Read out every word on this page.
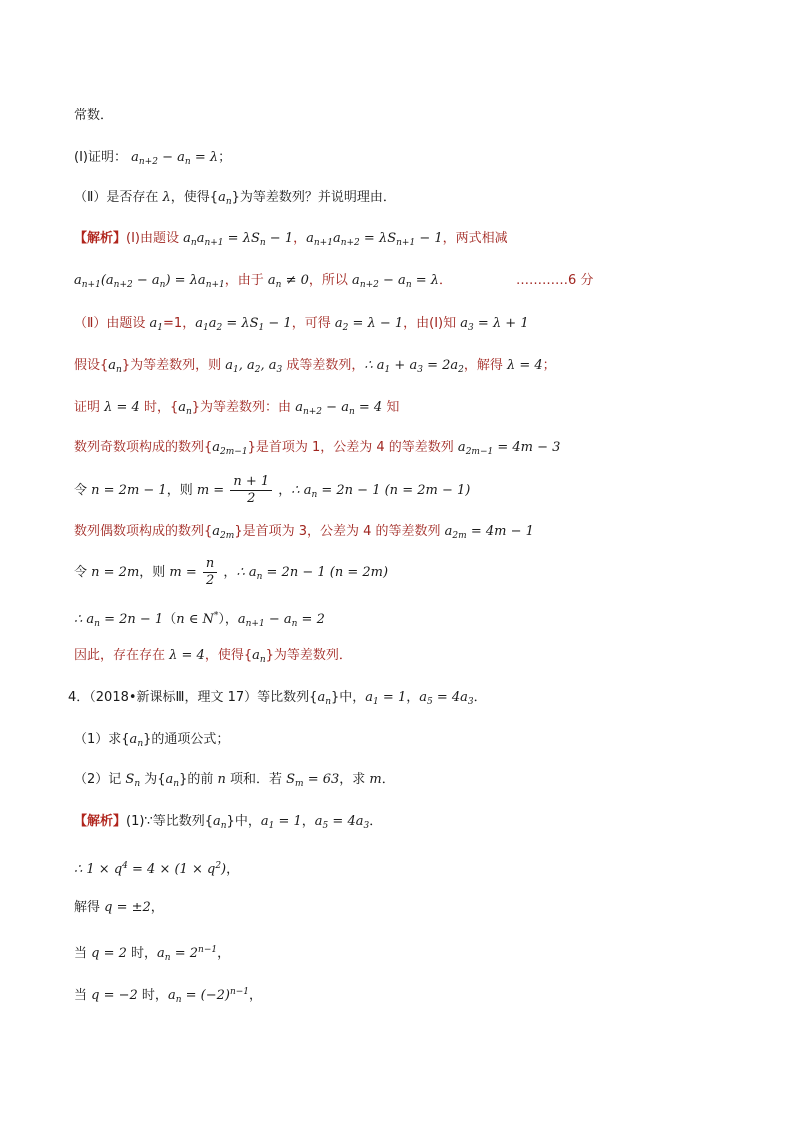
常数．
(I)证明： $a_{n+2} - a_n = \lambda$；
（Ⅱ）是否存在 λ，使得$\{a_n\}$为等差数列？并说明理由．
【解析】(I)由题设 $a_na_{n+1} = \lambda S_n - 1$，$a_{n+1}a_{n+2} = \lambda S_{n+1} - 1$，两式相减
$a_{n+1}(a_{n+2} - a_n) = \lambda a_{n+1}$，由于 $a_n \ne 0$，所以 $a_{n+2} - a_n = \lambda$．	…………6 分
（Ⅱ）由题设 $a_1=1$，$a_1a_2 = \lambda S_1 - 1$，可得 $a_2 = \lambda - 1$，由(Ⅰ)知 $a_3 = \lambda + 1$
假设$\{a_n\}$为等差数列，则 $a_1$, $a_2$, $a_3$ 成等差数列，∴ $a_1 + a_3 = 2a_2$，解得 λ = 4；
证明 λ = 4 时，$\{a_n\}$为等差数列：由 $a_{n+2} - a_n = 4$ 知
数列奇数项构成的数列$\{a_{2m-1}\}$是首项为 1，公差为 4 的等差数列 $a_{2m-1} = 4m - 3$
令 n = 2m − 1，则 $m = \frac{n + 1}{2}$ ，∴ $a_n = 2n - 1$ (n = 2m − 1)
数列偶数项构成的数列$\{a_{2m}\}$是首项为 3，公差为 4 的等差数列 $a_{2m} = 4m - 1$
令 n = 2m，则 $m = \frac{n}{2}$ ，∴ $a_n = 2n - 1$ (n = 2m)
∴ $a_n = 2n - 1(n$ ∈ N*），$a_{n+1} - a_n = 2$
因此，存在存在 λ = 4，使得$\{a_n\}$为等差数列．
4．（2018•新课标Ⅲ，理文 17）等比数列$\{a_n\}$中，$a_1 = 1$，$a_5 = 4a_3$．
（1）求$\{a_n\}$的通项公式；
（2）记 $S_n$ 为$\{a_n\}$的前 n 项和．若 $S_m = 63$，求 m．
【解析】(1)∵等比数列$\{a_n\}$中，$a_1 = 1$，$a_5 = 4a_3$．
∴ $1 \times q^4 = 4 \times (1 \times q^2)$，
解得 q = ±2，
当 q = 2 时，$a_n = 2^{n-1}$，
当 q = −2 时，$a_n = (-2)^{n-1}$，
